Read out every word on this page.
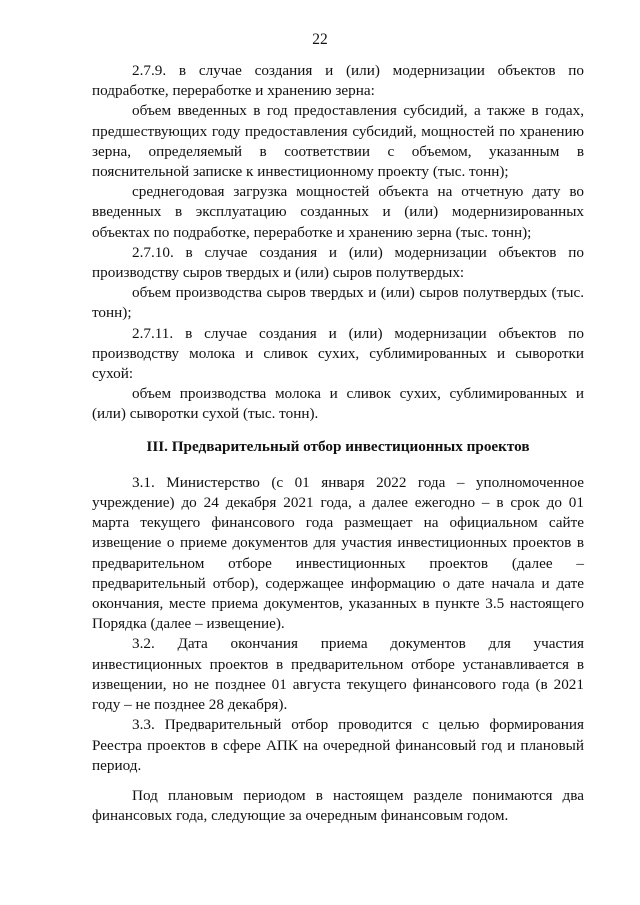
22

2.7.9. в случае создания и (или) модернизации объектов по подработке, переработке и хранению зерна:

объем введенных в год предоставления субсидий, а также в годах, предшествующих году предоставления субсидий, мощностей по хранению зерна, определяемый в соответствии с объемом, указанным в пояснительной записке к инвестиционному проекту (тыс. тонн);

среднегодовая загрузка мощностей объекта на отчетную дату во введенных в эксплуатацию созданных и (или) модернизированных объектах по подработке, переработке и хранению зерна (тыс. тонн);

2.7.10. в случае создания и (или) модернизации объектов по производству сыров твердых и (или) сыров полутвердых:

объем производства сыров твердых и (или) сыров полутвердых (тыс. тонн);

2.7.11. в случае создания и (или) модернизации объектов по производству молока и сливок сухих, сублимированных и сыворотки сухой:

объем производства молока и сливок сухих, сублимированных и (или) сыворотки сухой (тыс. тонн).

III. Предварительный отбор инвестиционных проектов

3.1. Министерство (с 01 января 2022 года – уполномоченное учреждение) до 24 декабря 2021 года, а далее ежегодно – в срок до 01 марта текущего финансового года размещает на официальном сайте извещение о приеме документов для участия инвестиционных проектов в предварительном отборе инвестиционных проектов (далее – предварительный отбор), содержащее информацию о дате начала и дате окончания, месте приема документов, указанных в пункте 3.5 настоящего Порядка (далее – извещение).

3.2. Дата окончания приема документов для участия инвестиционных проектов в предварительном отборе устанавливается в извещении, но не позднее 01 августа текущего финансового года (в 2021 году – не позднее 28 декабря).

3.3. Предварительный отбор проводится с целью формирования Реестра проектов в сфере АПК на очередной финансовый год и плановый период.

Под плановым периодом в настоящем разделе понимаются два финансовых года, следующие за очередным финансовым годом.
